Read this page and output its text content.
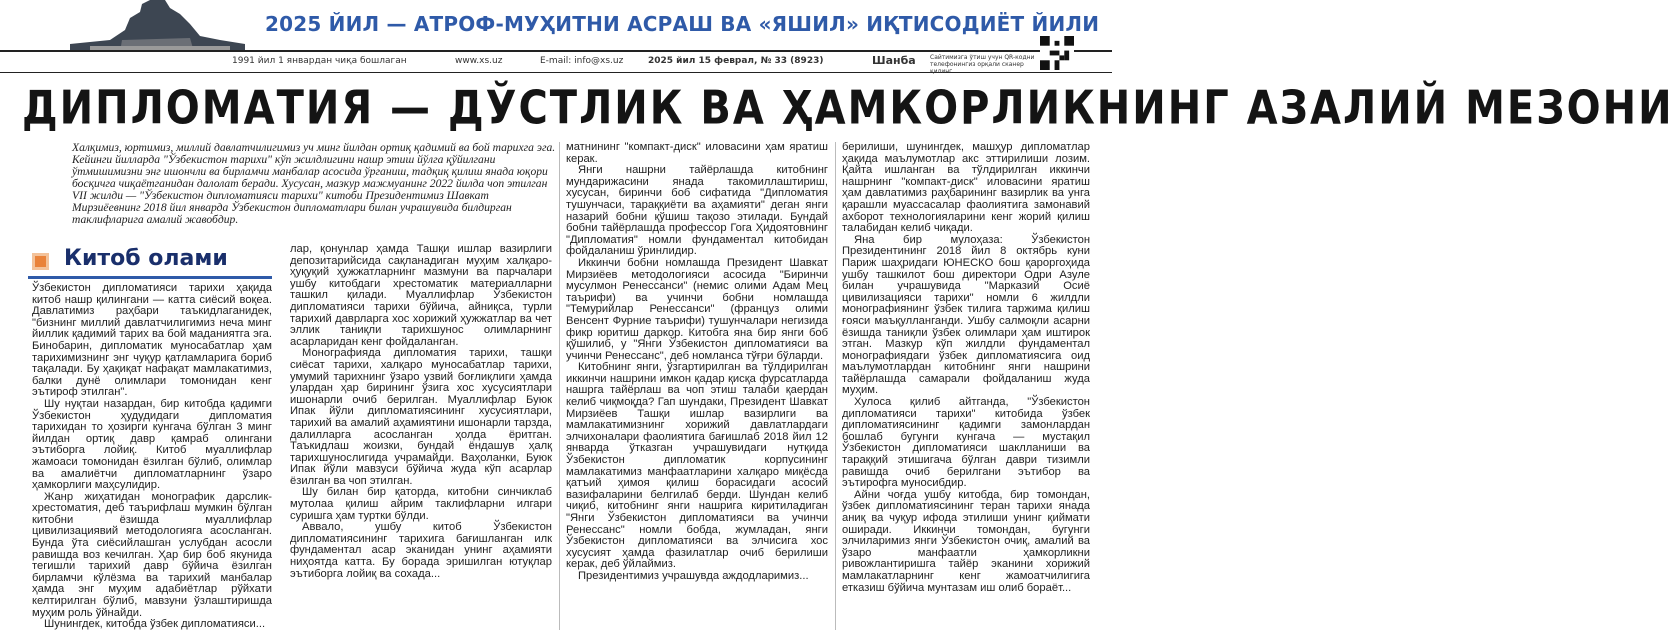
2025 ЙИЛ — АТРОФ-МУҲИТНИ АСРАШ ВА «ЯШИЛ» ИҚТИСОДИЁТ ЙИЛИ
1991 йил 1 январдан чиқа бошлаган	www.xs.uz	E-mail: info@xs.uz	2025 йил 15 феврал, № 33 (8923)	Шанба Сайтимизга ўтиш учун QR-кодни телефонингиз орқали сканер қилинг
ДИПЛОМАТИЯ — ДЎСТЛИК ВА ҲАМКОРЛИКНИНГ АЗАЛИЙ МЕЗОНИ
Халқимиз, юртимиз, миллий давлатчилигимиз уч минг йилдан ортиқ қадимий ва бой тарихга эга. Кейинги йилларда "Ўзбекистон тарихи" кўп жилдлигини нашр этиш йўлга қўйилгани ўтмишимизни энг ишончли ва бирламчи манбалар асосида ўрганиш, тадқиқ қилиш янада юқори босқичга чиқаётганидан далолат беради. Хусусан, мазкур мажмуанинг 2022 йилда чоп этилган VII жилди — "Ўзбекистон дипломатияси тарихи" китоби Президентимиз Шавкат Мирзиёевнинг 2018 йил январда Ўзбекистон дипломатлари билан учрашувида билдирган таклифларига амалий жавобдир.
Китоб олами

Ўзбекистон дипломатияси тарихи ҳақида китоб нашр қилингани — катта сиёсий воқеа. Давлатимиз раҳбари таъкидлаганидек, "бизнинг миллий давлатчилигимиз неча минг йиллик қадимий тарих ва бой маданиятга эга. Бинобарин, дипломатик муносабатлар ҳам тарихимизнинг энг чуқур қатламларига бориб тақалади. Бу ҳақиқат нафақат мамлакатимиз, балки дунё олимлари томонидан кенг эътироф этилган".

Шу нуқтаи назардан, бир китобда қадимги Ўзбекистон ҳудудидаги дипломатия тарихидан то ҳозирги кунгача бўлган 3 минг йилдан ортиқ давр қамраб олингани эътиборга лойиқ. Китоб муаллифлар жамоаси томонидан ёзилган бўлиб, олимлар ва амалиётчи дипломатларнинг ўзаро ҳамкорлиги маҳсулидир.

Жанр жиҳатидан монографик дарслик-хрестоматия, деб таърифлаш мумкин бўлган китобни ёзишда муаллифлар цивилизациявий методологияга асосланган. Бунда ўта сиёсийлашган услубдан асосли равишда воз кечилган. Ҳар бир боб якунида тегишли тарихий давр бўйича ёзилган бирламчи кўлёзма ва тарихий манбалар ҳамда энг муҳим адабиётлар рўйхати келтирилган бўлиб, мавзуни ўзлаштиришда муҳим роль ўйнайди.

Шунингдек, китобда ўзбек дипломатияси...

лар, қонунлар ҳамда Ташқи ишлар вазирлиги депозитарийсида сақланадиган муҳим халқаро-ҳуқуқий ҳужжатларнинг мазмуни ва парчалари ушбу китобдаги хрестоматик материалларни ташкил қилади. Муаллифлар Ўзбекистон дипломатияси тарихи бўйича, айниқса, турли тарихий даврларга хос хорижий ҳужжатлар ва чет эллик таниқли тарихшунос олимларнинг асарларидан кенг фойдаланган.

Монографияда дипломатия тарихи, ташқи сиёсат тарихи, халқаро муносабатлар тарихи, умумий тарихнинг ўзаро узвий боғлиқлиги ҳамда улардан ҳар бирининг ўзига хос хусусиятлари ишонарли очиб берилган. Муаллифлар Буюк Ипак йўли дипломатиясининг хусусиятлари, тарихий ва амалий аҳамиятини ишонарли тарзда, далилларга асосланган ҳолда ёритган. Таъкидлаш жоизки, бундай ёндашув ҳалқ тарихшунослигида учрамайди. Ваҳоланки, Буюк Ипак йўли мавзуси бўйича жуда кўп асарлар ёзилган ва чоп этилган.

Шу билан бир қаторда, китобни синчиклаб мутолаа қилиш айрим таклифларни илгари суришга ҳам туртки бўлди.

Аввало, ушбу китоб Ўзбекистон дипломатиясининг тарихига бағишланган илк фундаментал асар эканидан унинг аҳамияти ниҳоятда катта. Бу борада эришилган ютуқлар эътиборга лойиқ ва сохада...

матнининг "компакт-диск" иловасини ҳам яратиш керак.

Янги нашрни тайёрлашда китобнинг мундарижасини янада такомиллаштириш, хусусан, биринчи боб сифатида "Дипломатия тушунчаси, тараққиёти ва аҳамияти" деган янги назарий бобни қўшиш тақозо этилади. Бундай бобни тайёрлашда профессор Гога Ҳидоятовнинг "Дипломатия" номли фундаментал китобидан фойдаланиш ўринлидир.

Иккинчи бобни номлашда Президент Шавкат Мирзиёев методологияси асосида "Биринчи мусулмон Ренессанси" (немис олими Адам Мец таърифи) ва учинчи бобни номлашда "Темурийлар Ренессанси" (француз олими Венсент Фурние таърифи) тушунчалари негизида фикр юритиш даркор. Китобга яна бир янги боб қўшилиб, у "Янги Ўзбекистон дипломатияси ва учинчи Ренессанс", деб номланса тўғри бўларди.

Китобнинг янги, ўзгартирилган ва тўлдирилган иккинчи нашрини имкон қадар қисқа фурсатларда нашрга тайёрлаш ва чоп этиш талаби қаердан келиб чиқмоқда? Гап шундаки, Президент Шавкат Мирзиёев Ташқи ишлар вазирлиги ва мамлакатимизнинг хорижий давлатлардаги элчихоналари фаолиятига бағишлаб 2018 йил 12 январда ўтказган учрашувидаги нутқида Ўзбекистон дипломатик корпусининг мамлакатимиз манфаатларини халқаро миқёсда қатъий ҳимоя қилиш борасидаги асосий вазифаларини белгилаб берди. Шундан келиб чиқиб, китобнинг янги нашрига киритиладиган "Янги Ўзбекистон дипломатияси ва учинчи Ренессанс" номли бобда, жумладан, янги Ўзбекистон дипломатияси ва элчисига хос хусусият ҳамда фазилатлар очиб берилиши керак, деб ўйлаймиз.

Президентимиз учрашувда аждодларимиз...

берилиши, шунингдек, машҳур дипломатлар ҳақида маълумотлар акс эттирилиши лозим. Қайта ишланган ва тўлдирилган иккинчи нашрнинг "компакт-диск" иловасини яратиш ҳам давлатимиз раҳбарининг вазирлик ва унга қарашли муассасалар фаолиятига замонавий ахборот технологияларини кенг жорий қилиш талабидан келиб чиқади.

Яна бир мулоҳаза: Ўзбекистон Президентининг 2018 йил 8 октябрь куни Париж шаҳридаги ЮНЕСКО бош қароргоҳида ушбу ташкилот бош директори Одри Азуле билан учрашувида "Марказий Осиё цивилизацияси тарихи" номли 6 жилдли монографиянинг ўзбек тилига таржима қилиш ғояси маъқулланганди. Ушбу салмоқли асарни ёзишда таниқли ўзбек олимлари ҳам иштирок этган. Мазкур кўп жилдли фундаментал монографиядаги ўзбек дипломатиясига оид маълумотлардан китобнинг янги нашрини тайёрлашда самарали фойдаланиш жуда муҳим.

Хулоса қилиб айтганда, "Ўзбекистон дипломатияси тарихи" китобида ўзбек дипломатиясининг қадимги замонлардан бошлаб бугунги кунгача — мустақил Ўзбекистон дипломатияси шаклланиши ва тараққий этишигача бўлган даври тизимли равишда очиб берилгани эътибор ва эътирофга муносибдир.

Айни чоғда ушбу китобда, бир томондан, ўзбек дипломатиясининг теран тарихи янада аниқ ва чуқур ифода этилиши унинг қиймати оширади. Иккинчи томондан, бугунги элчиларимиз янги Ўзбекистон очиқ, амалий ва ўзаро манфаатли ҳамкорликни ривожлантиришга тайёр эканини хорижий мамлакатларнинг кенг жамоатчилигига етказиш бўйича мунтазам иш олиб бораёт...
